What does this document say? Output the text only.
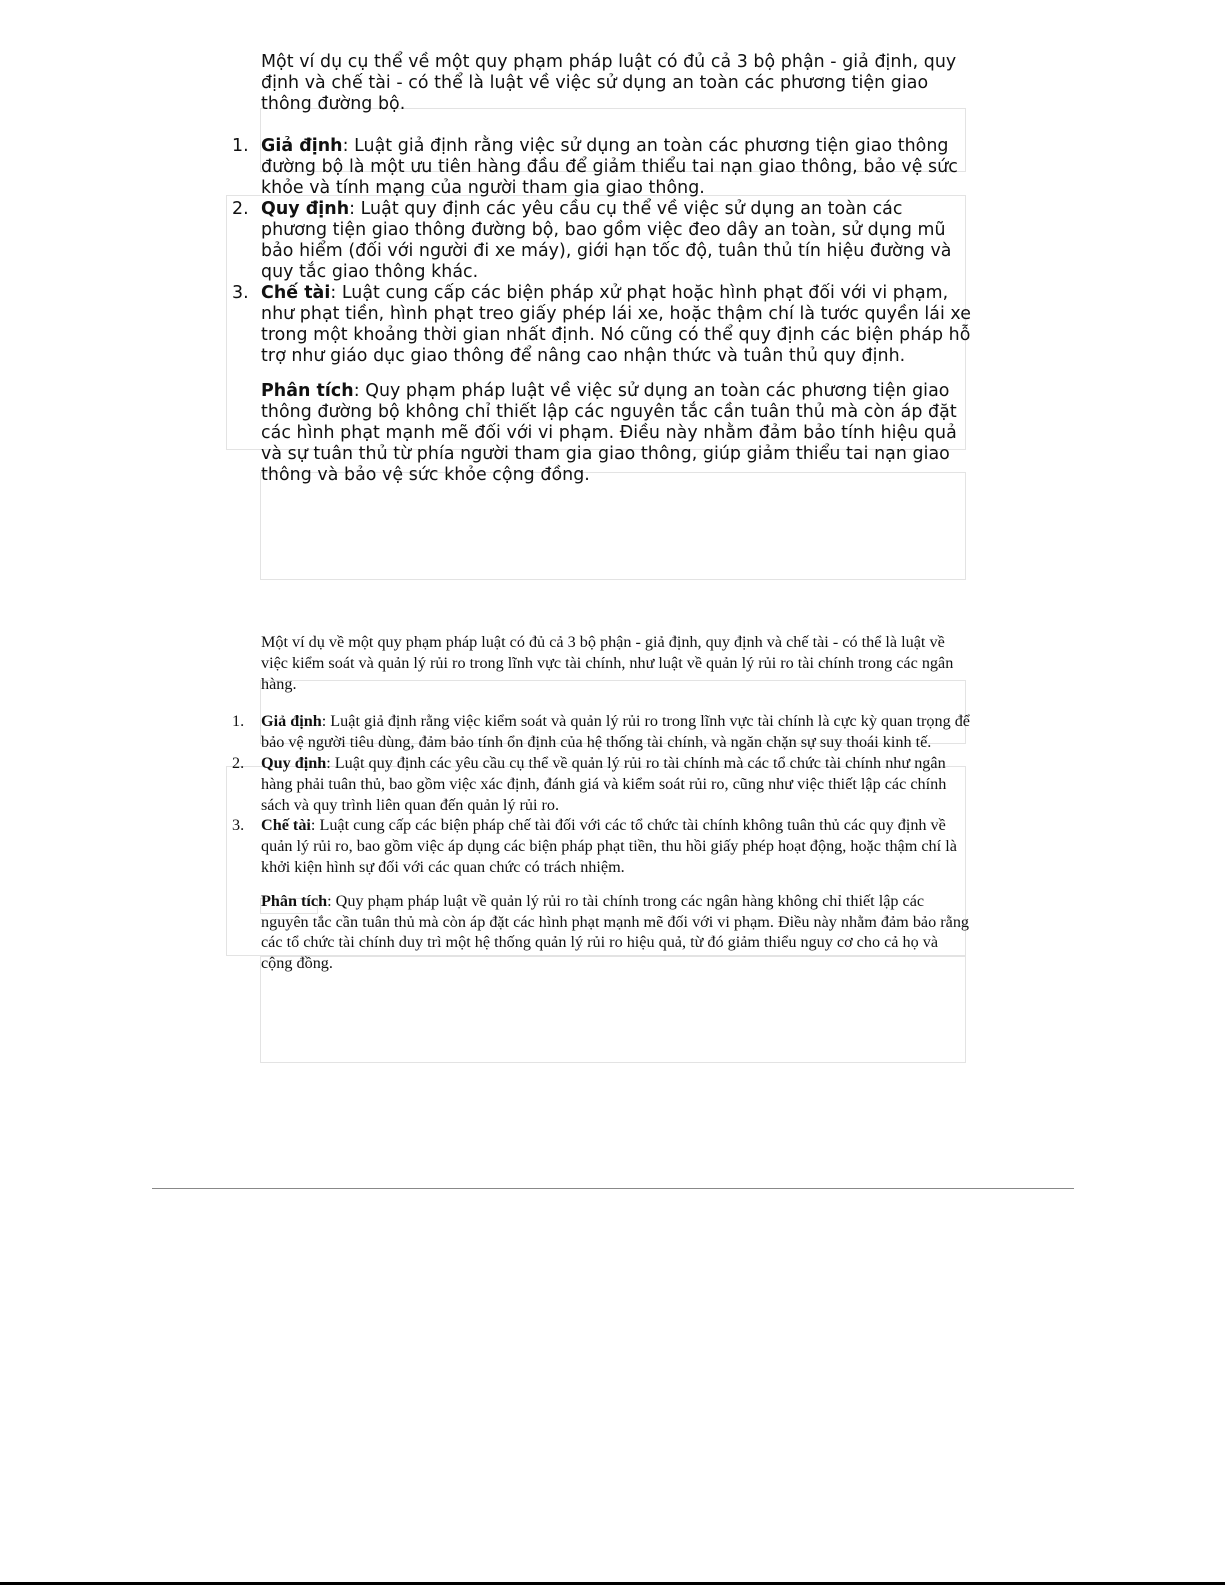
Một ví dụ cụ thể về một quy phạm pháp luật có đủ cả 3 bộ phận - giả định, quy định và chế tài - có thể là luật về việc sử dụng an toàn các phương tiện giao thông đường bộ.

1. Giả định: Luật giả định rằng việc sử dụng an toàn các phương tiện giao thông đường bộ là một ưu tiên hàng đầu để giảm thiểu tai nạn giao thông, bảo vệ sức khỏe và tính mạng của người tham gia giao thông.
2. Quy định: Luật quy định các yêu cầu cụ thể về việc sử dụng an toàn các phương tiện giao thông đường bộ, bao gồm việc đeo dây an toàn, sử dụng mũ bảo hiểm (đối với người đi xe máy), giới hạn tốc độ, tuân thủ tín hiệu đường và quy tắc giao thông khác.
3. Chế tài: Luật cung cấp các biện pháp xử phạt hoặc hình phạt đối với vi phạm, như phạt tiền, hình phạt treo giấy phép lái xe, hoặc thậm chí là tước quyền lái xe trong một khoảng thời gian nhất định. Nó cũng có thể quy định các biện pháp hỗ trợ như giáo dục giao thông để nâng cao nhận thức và tuân thủ quy định.

Phân tích: Quy phạm pháp luật về việc sử dụng an toàn các phương tiện giao thông đường bộ không chỉ thiết lập các nguyên tắc cần tuân thủ mà còn áp đặt các hình phạt mạnh mẽ đối với vi phạm. Điều này nhằm đảm bảo tính hiệu quả và sự tuân thủ từ phía người tham gia giao thông, giúp giảm thiểu tai nạn giao thông và bảo vệ sức khỏe cộng đồng.

Một ví dụ về một quy phạm pháp luật có đủ cả 3 bộ phận - giả định, quy định và chế tài - có thể là luật về việc kiểm soát và quản lý rủi ro trong lĩnh vực tài chính, như luật về quản lý rủi ro tài chính trong các ngân hàng.

1.	Giả định: Luật giả định rằng việc kiểm soát và quản lý rủi ro trong lĩnh vực tài chính là cực kỳ quan trọng để bảo vệ người tiêu dùng, đảm bảo tính ổn định của hệ thống tài chính, và ngăn chặn sự suy thoái kinh tế.
2.	Quy định: Luật quy định các yêu cầu cụ thể về quản lý rủi ro tài chính mà các tổ chức tài chính như ngân hàng phải tuân thủ, bao gồm việc xác định, đánh giá và kiểm soát rủi ro, cũng như việc thiết lập các chính sách và quy trình liên quan đến quản lý rủi ro.
3.	Chế tài: Luật cung cấp các biện pháp chế tài đối với các tổ chức tài chính không tuân thủ các quy định về quản lý rủi ro, bao gồm việc áp dụng các biện pháp phạt tiền, thu hồi giấy phép hoạt động, hoặc thậm chí là khởi kiện hình sự đối với các quan chức có trách nhiệm.

Phân tích: Quy phạm pháp luật về quản lý rủi ro tài chính trong các ngân hàng không chỉ thiết lập các nguyên tắc cần tuân thủ mà còn áp đặt các hình phạt mạnh mẽ đối với vi phạm. Điều này nhằm đảm bảo rằng các tổ chức tài chính duy trì một hệ thống quản lý rủi ro hiệu quả, từ đó giảm thiểu nguy cơ cho cả họ và cộng đồng.
